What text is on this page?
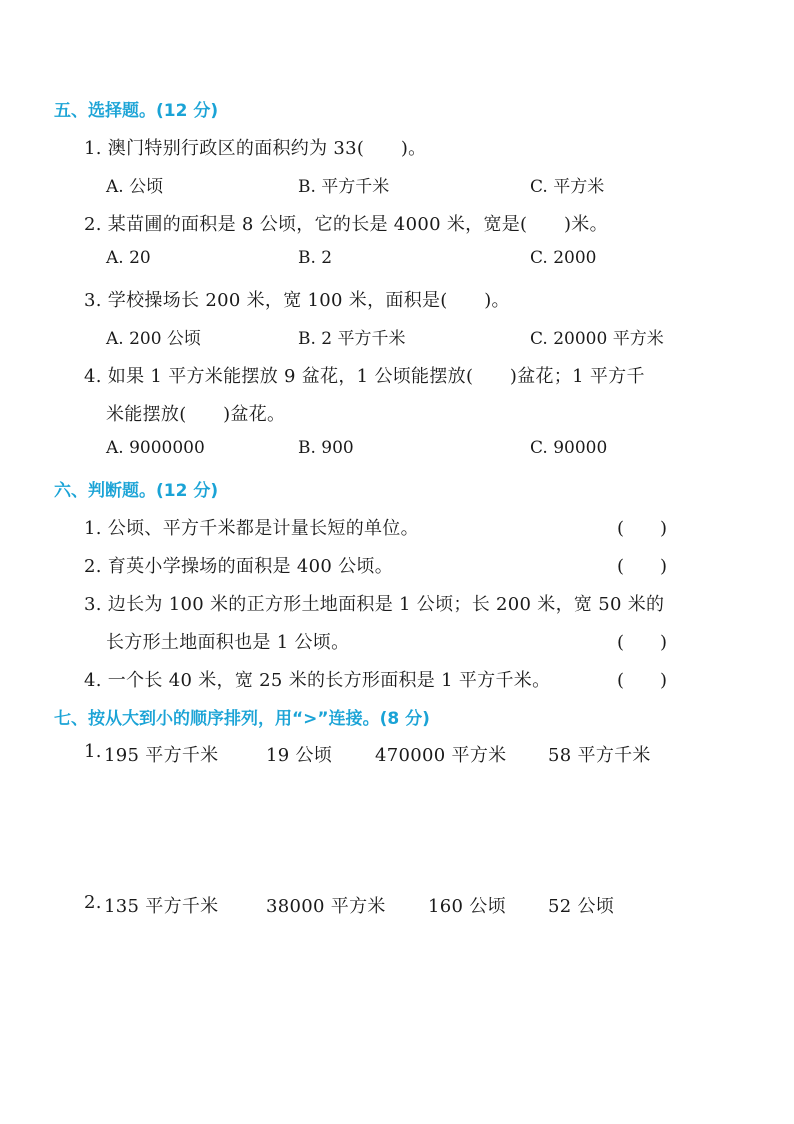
五、选择题。(12 分)
1. 澳门特别行政区的面积约为 33(　　)。
A. 公顷	B. 平方千米	C. 平方米
2. 某苗圃的面积是 8 公顷，它的长是 4000 米，宽是(　　)米。
A. 20	B. 2	C. 2000
3. 学校操场长 200 米，宽 100 米，面积是(　　)。
A. 200 公顷	B. 2 平方千米	C. 20000 平方米
4. 如果 1 平方米能摆放 9 盆花，1 公顷能摆放(　　)盆花；1 平方千
米能摆放(　　)盆花。
A. 9000000	B. 900	C. 90000
六、判断题。(12 分)
1. 公顷、平方千米都是计量长短的单位。	(　　)
2. 育英小学操场的面积是 400 公顷。	(　　)
3. 边长为 100 米的正方形土地面积是 1 公顷；长 200 米，宽 50 米的
长方形土地面积也是 1 公顷。	(　　)
4. 一个长 40 米，宽 25 米的长方形面积是 1 平方千米。	(　　)
七、按从大到小的顺序排列，用“>”连接。(8 分)
1. 195 平方千米	19 公顷 470000 平方米 58 平方千米
2. 135 平方千米	38000 平方米 160 公顷 52 公顷
